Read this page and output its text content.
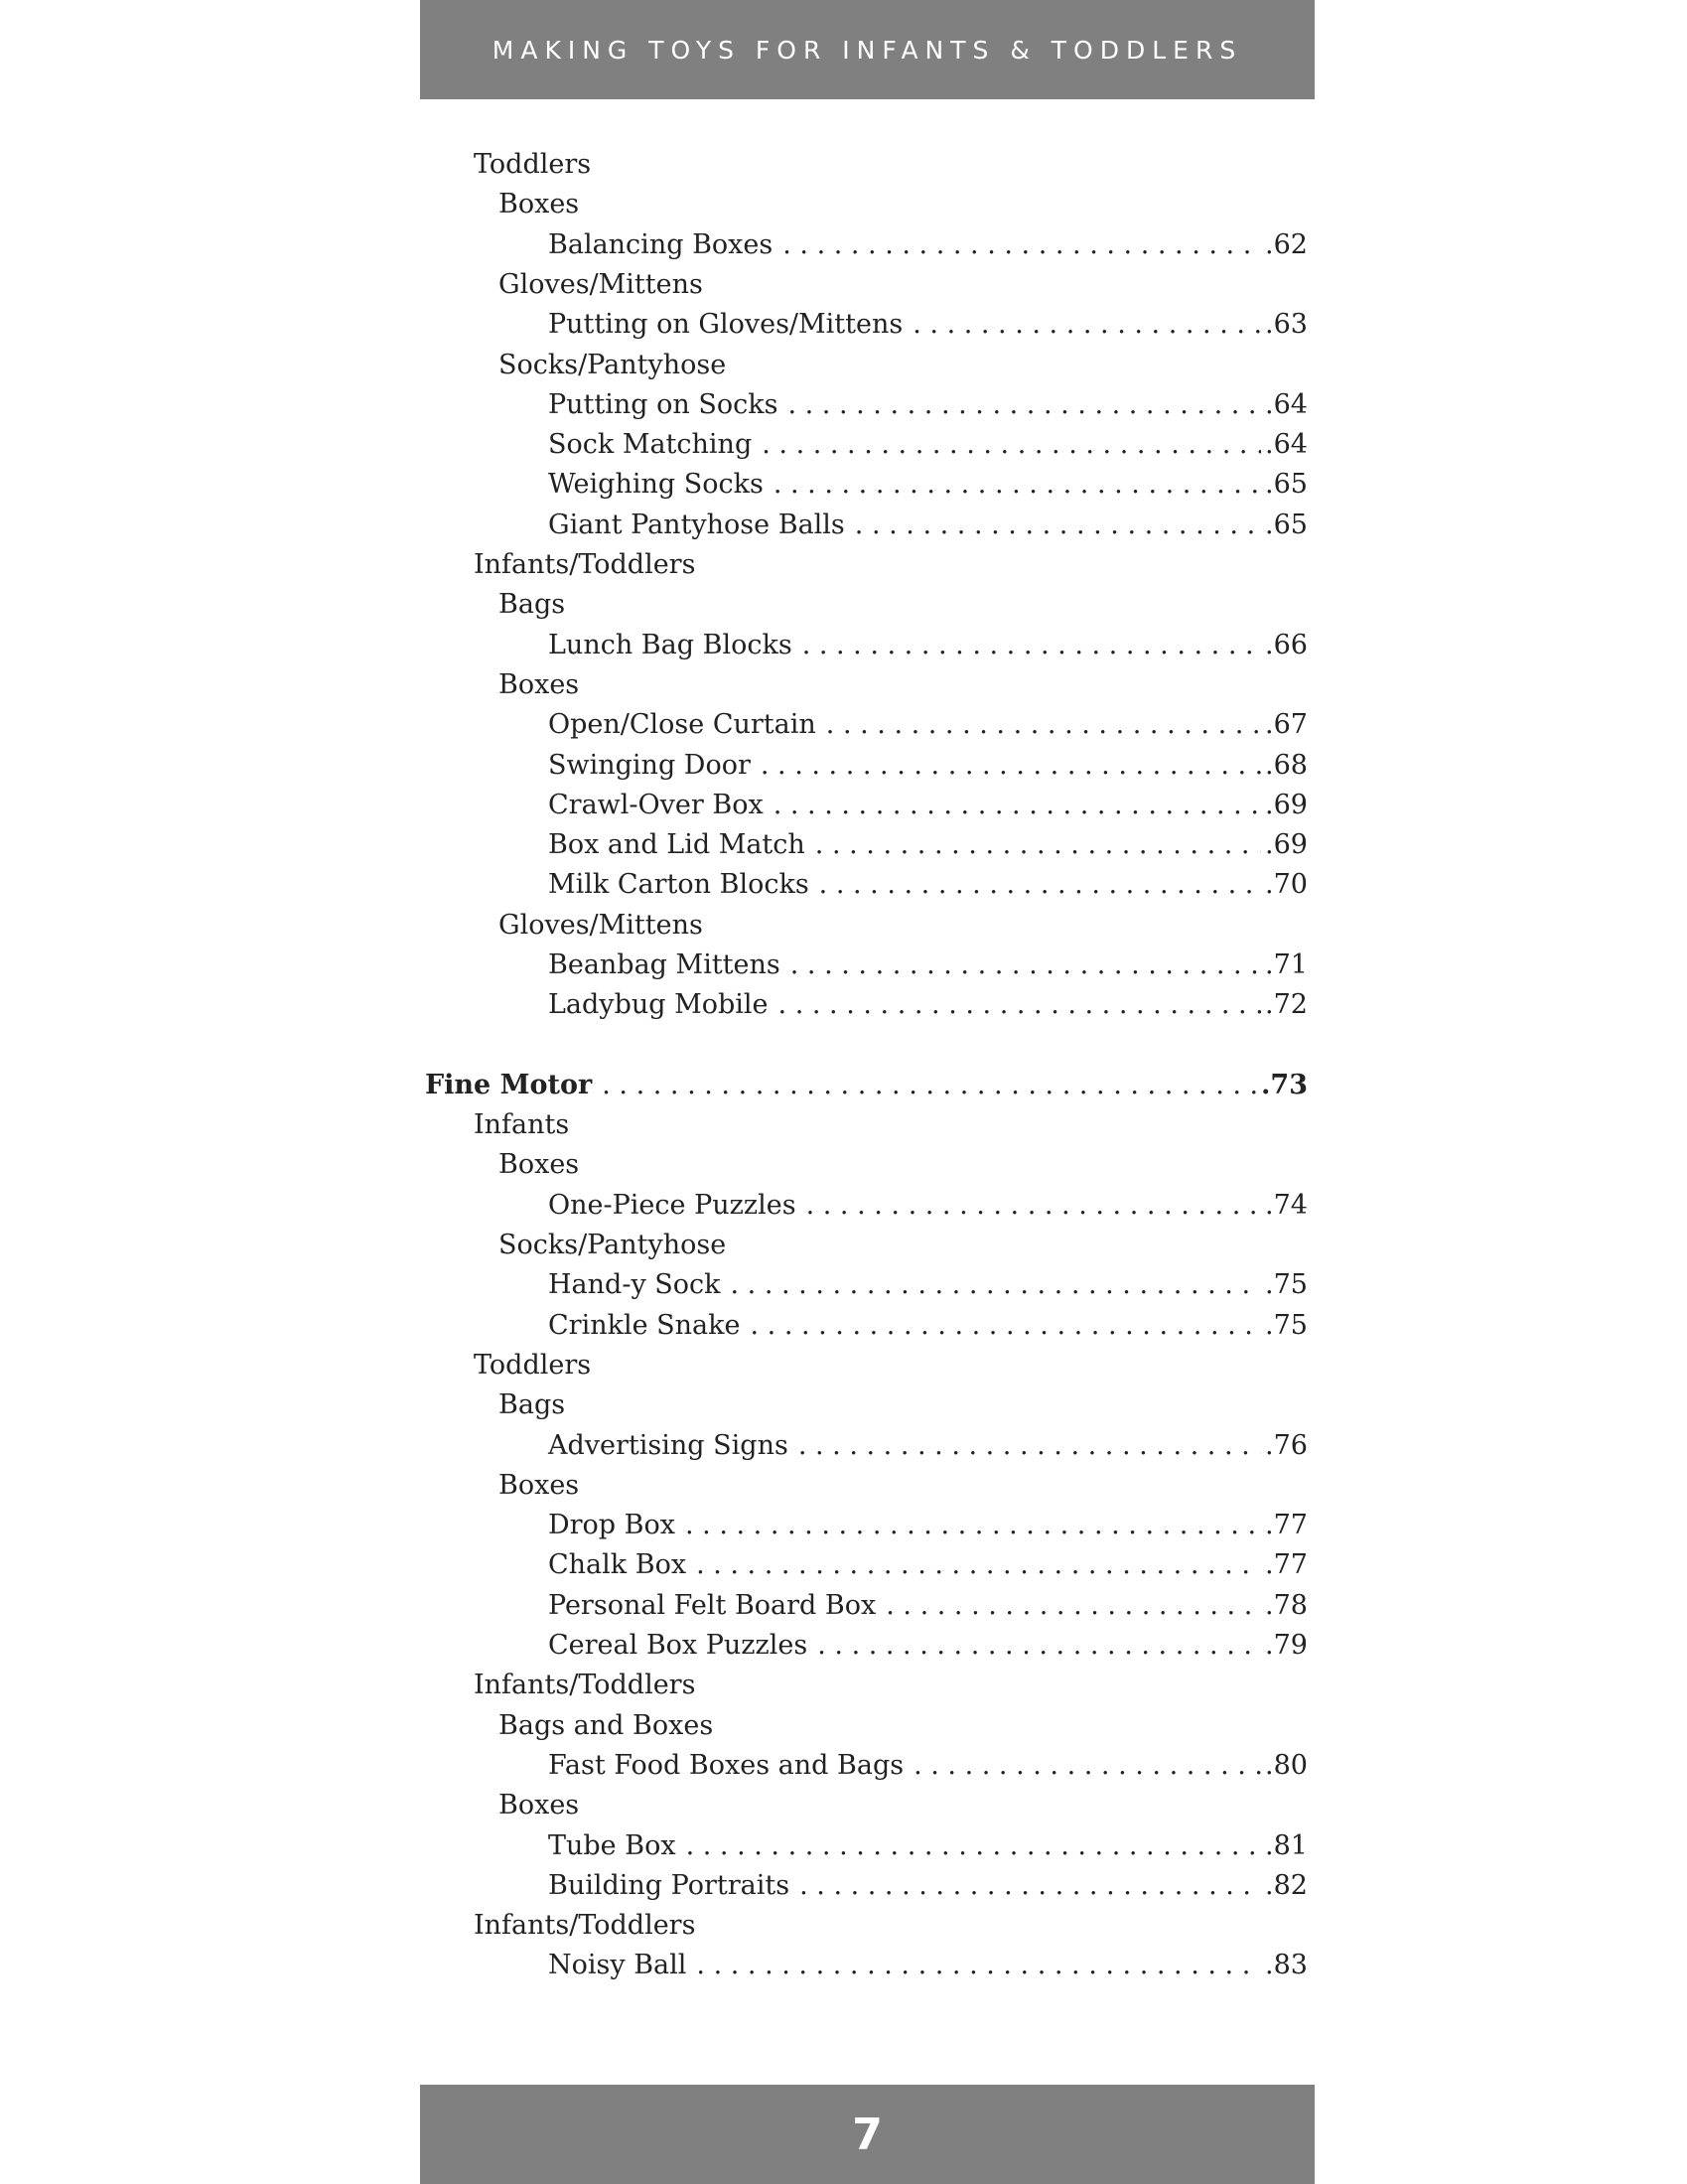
MAKING TOYS FOR INFANTS & TODDLERS
Toddlers
Boxes
Balancing Boxes . . .	.62
Gloves/Mittens
Putting on Gloves/Mittens . . .	.63
Socks/Pantyhose
Putting on Socks . . .	.64
Sock Matching . . .	.64
Weighing Socks . . .	.65
Giant Pantyhose Balls . . .	.65
Infants/Toddlers
Bags
Lunch Bag Blocks . . .	.66
Boxes
Open/Close Curtain . . .	.67
Swinging Door . . .	.68
Crawl-Over Box . . .	.69
Box and Lid Match . . .	.69
Milk Carton Blocks . . .	.70
Gloves/Mittens
Beanbag Mittens . . .	.71
Ladybug Mobile . . .	.72
Fine Motor . . .	.73
Infants
Boxes
One-Piece Puzzles . . .	.74
Socks/Pantyhose
Hand-y Sock . . .	.75
Crinkle Snake . . .	.75
Toddlers
Bags
Advertising Signs . . .	.76
Boxes
Drop Box . . .	.77
Chalk Box . . .	.77
Personal Felt Board Box . . .	.78
Cereal Box Puzzles . . .	.79
Infants/Toddlers
Bags and Boxes
Fast Food Boxes and Bags . . .	.80
Boxes
Tube Box . . .	.81
Building Portraits . . .	.82
Infants/Toddlers
Noisy Ball . . .	.83
7
